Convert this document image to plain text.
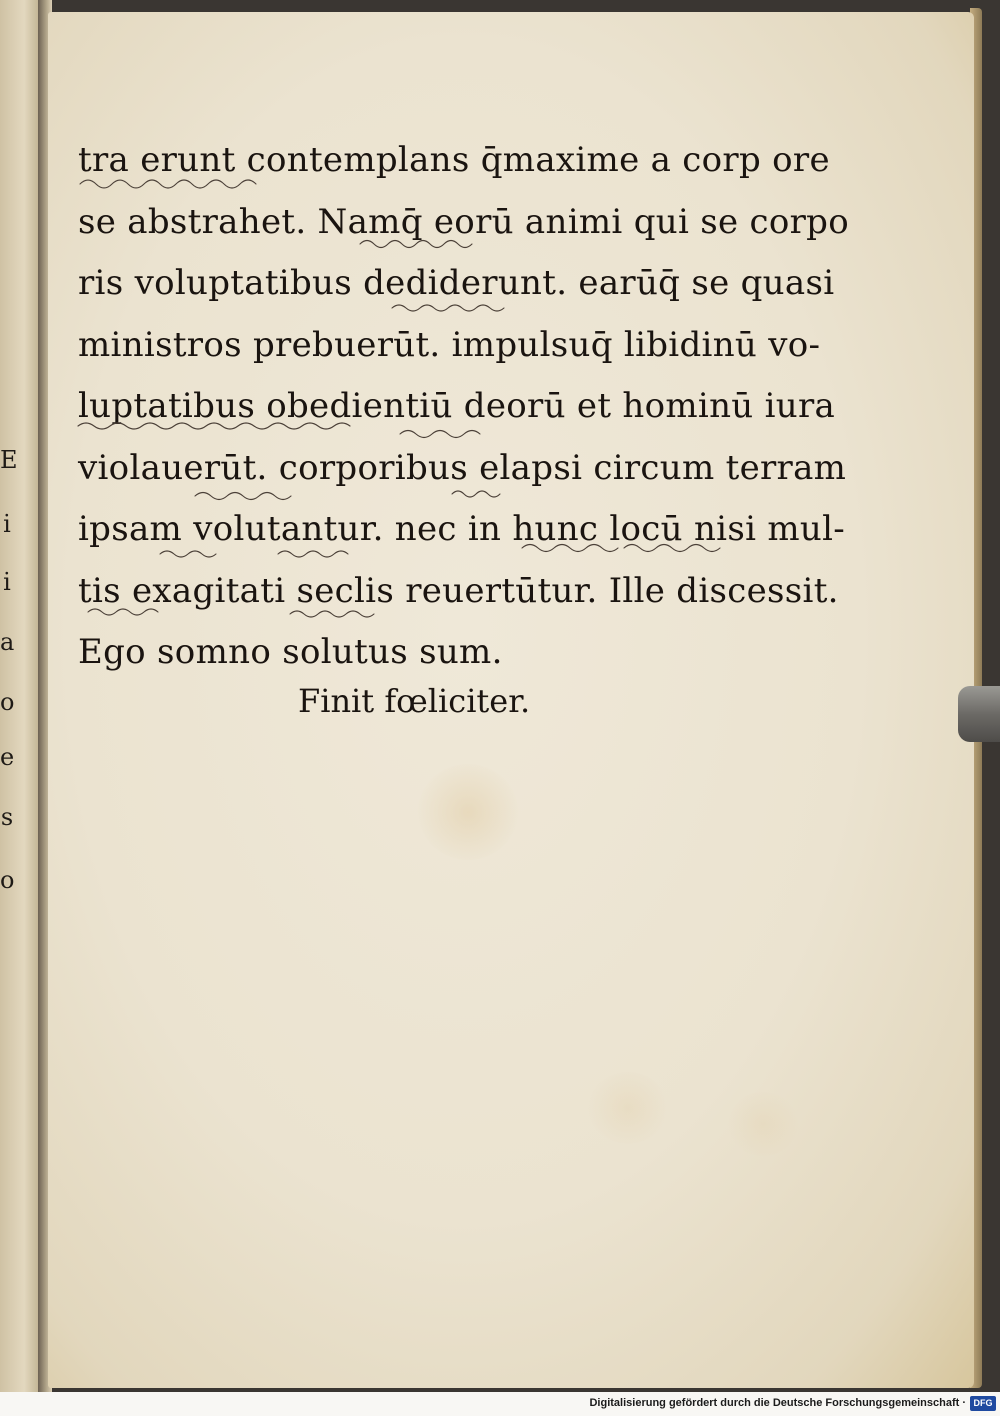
E
i
i
a
o
e
s
o
tra erunt contemplans q̄maxime a corp ore
se abstrahet. Namq̄ eorū animi qui se corpo
ris voluptatibus dediderunt. earūq̄ se quasi
ministros prebuerūt. impulsuq̄ libidinū vo-
luptatibus obedientiū deorū et hominū iura
violauerūt. corporibus elapsi circum terram
ipsam volutantur. nec in hunc locū nisi mul-
tis exagitati seclis reuertūtur. Ille discessit.
Ego somno solutus sum.
Finit fœliciter.
Digitalisierung gefördert durch die Deutsche Forschungsgemeinschaft · DFG
